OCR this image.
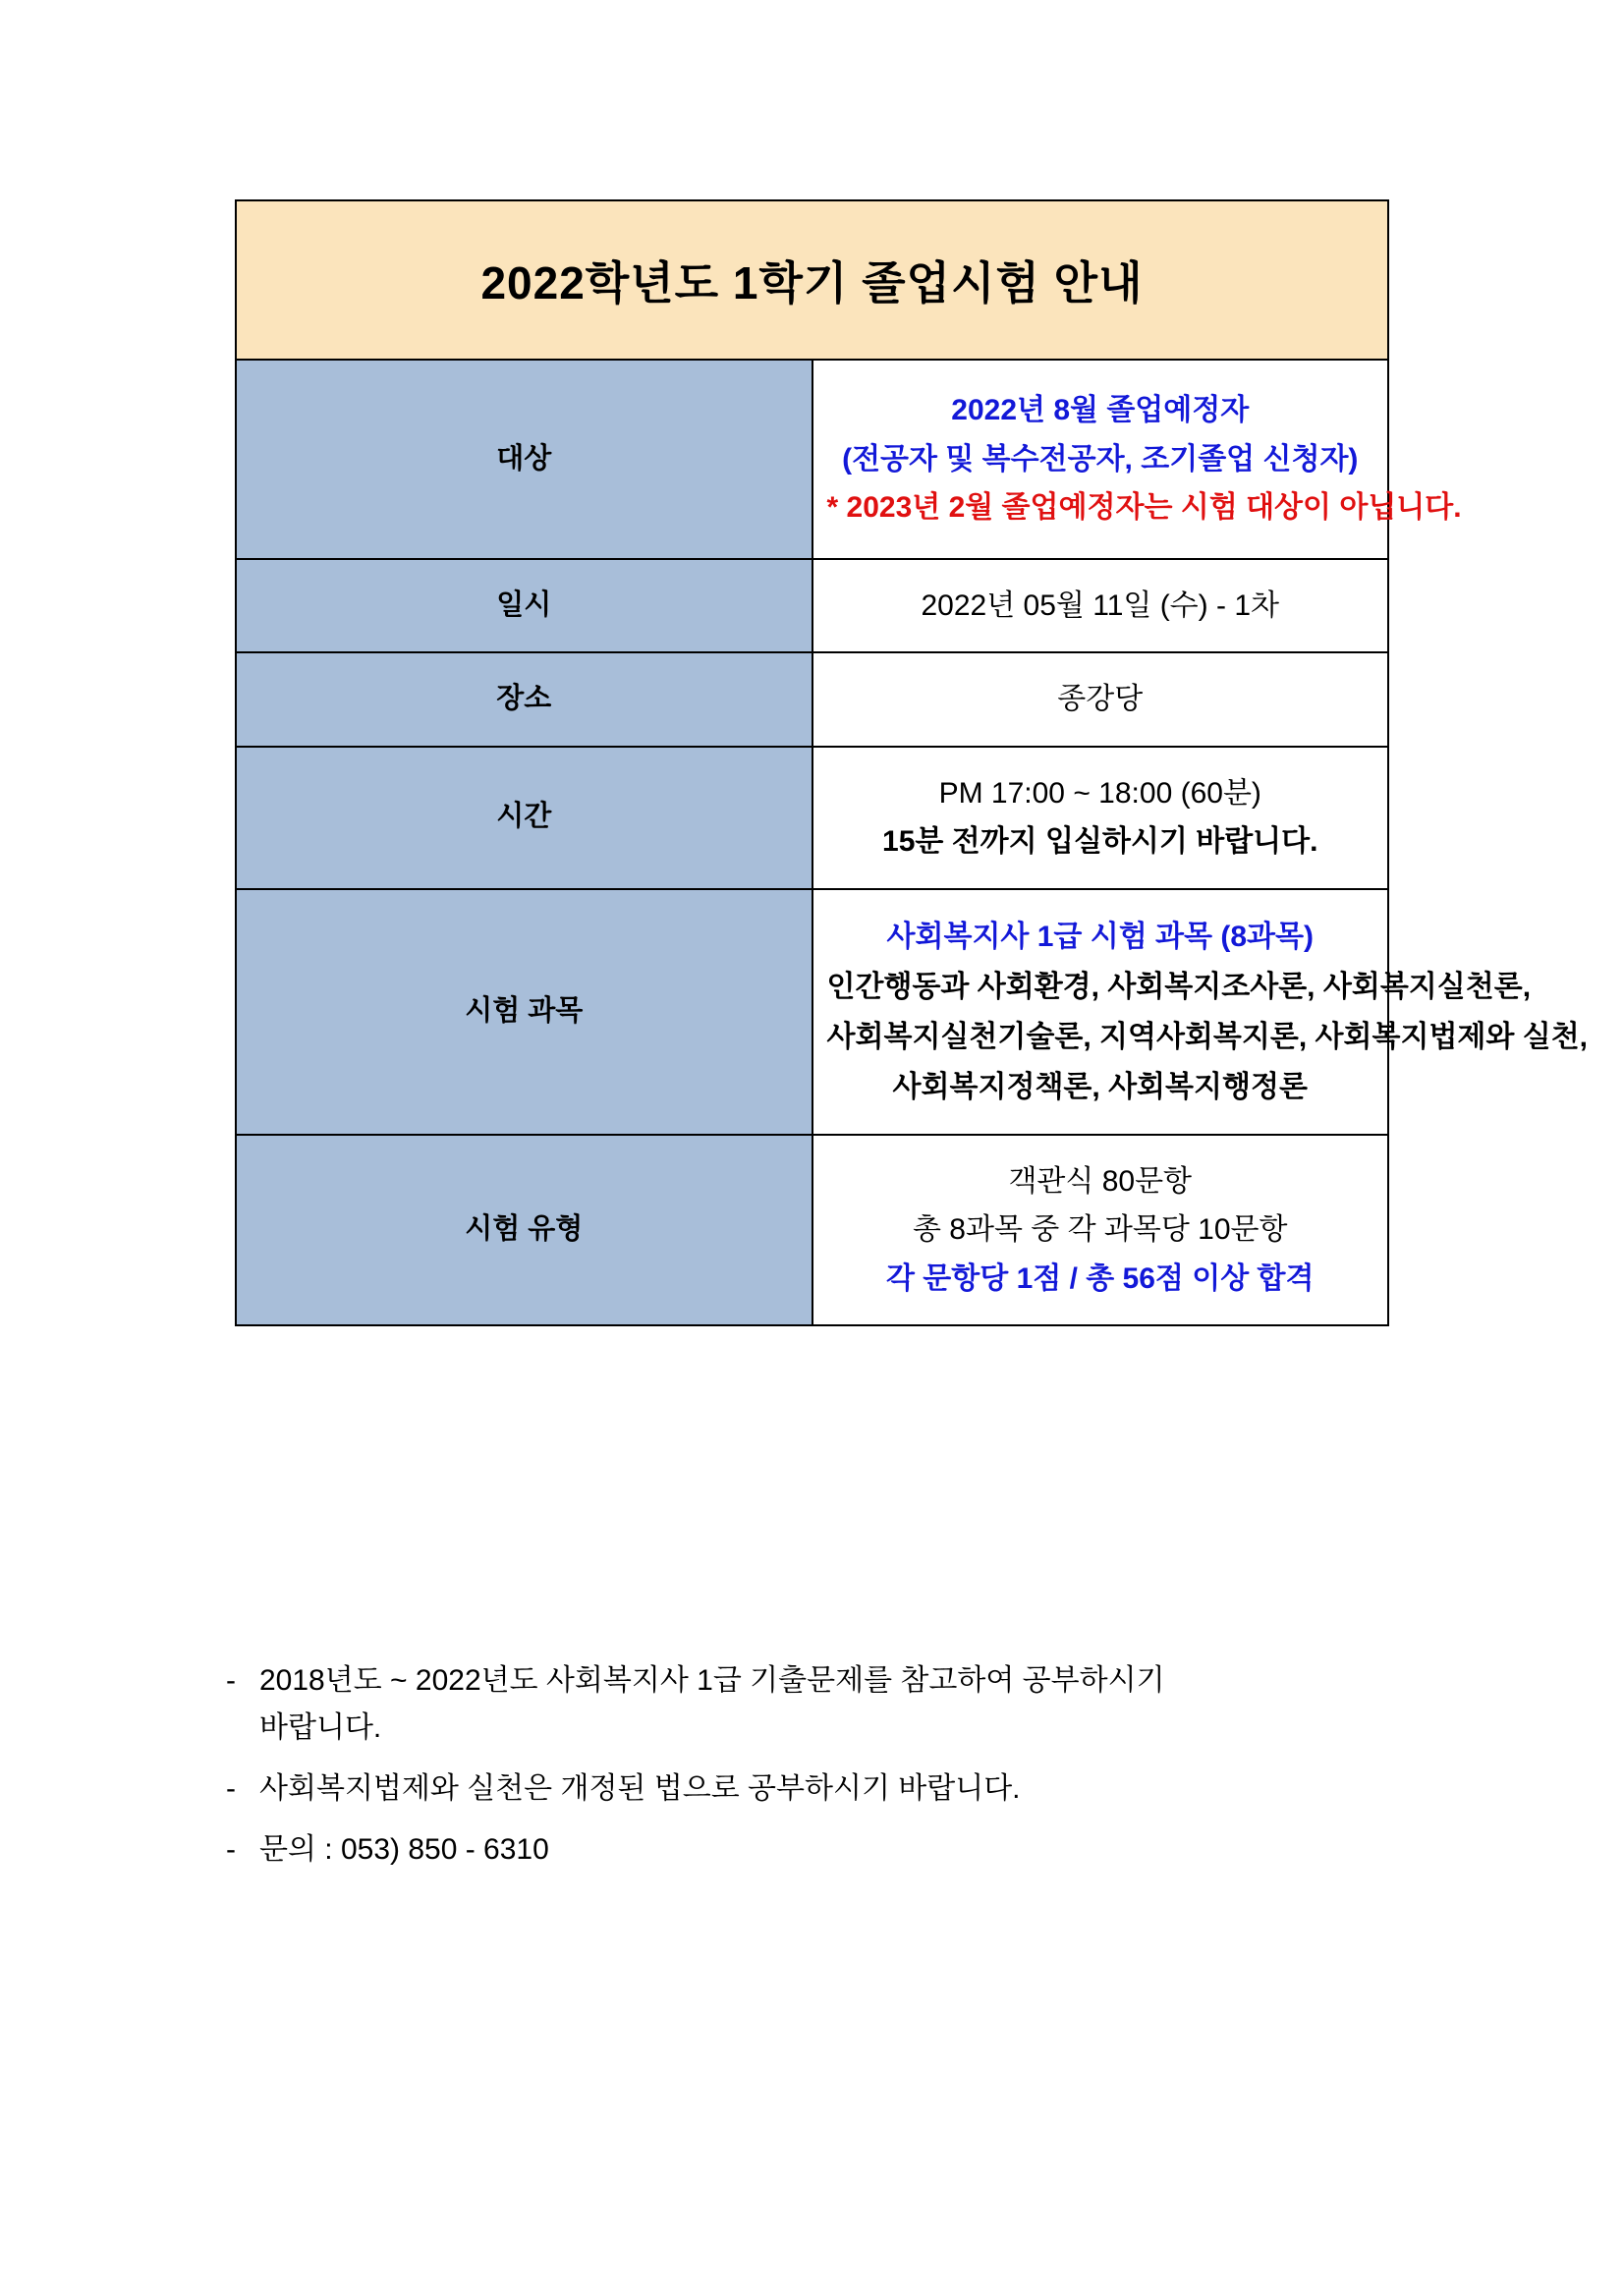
2022학년도 1학기 졸업시험 안내	
대상	2022년 8월 졸업예정자
(전공자 및 복수전공자, 조기졸업 신청자)
* 2023년 2월 졸업예정자는 시험 대상이 아닙니다.

일시	2022년 05월 11일 (수) - 1차

장소	종강당

시간	PM 17:00 ~ 18:00 (60분)
15분 전까지 입실하시기 바랍니다.

시험 과목	사회복지사 1급 시험 과목 (8과목)
인간행동과 사회환경, 사회복지조사론, 사회복지실천론,
사회복지실천기술론, 지역사회복지론, 사회복지법제와 실천,
사회복지정책론, 사회복지행정론

시험 유형	객관식 80문항
총 8과목 중 각 과목당 10문항
각 문항당 1점 / 총 56점 이상 합격
- 2018년도 ~ 2022년도 사회복지사 1급 기출문제를 참고하여 공부하시기
바랍니다.
- 사회복지법제와 실천은 개정된 법으로 공부하시기 바랍니다.
- 문의 : 053) 850 - 6310
